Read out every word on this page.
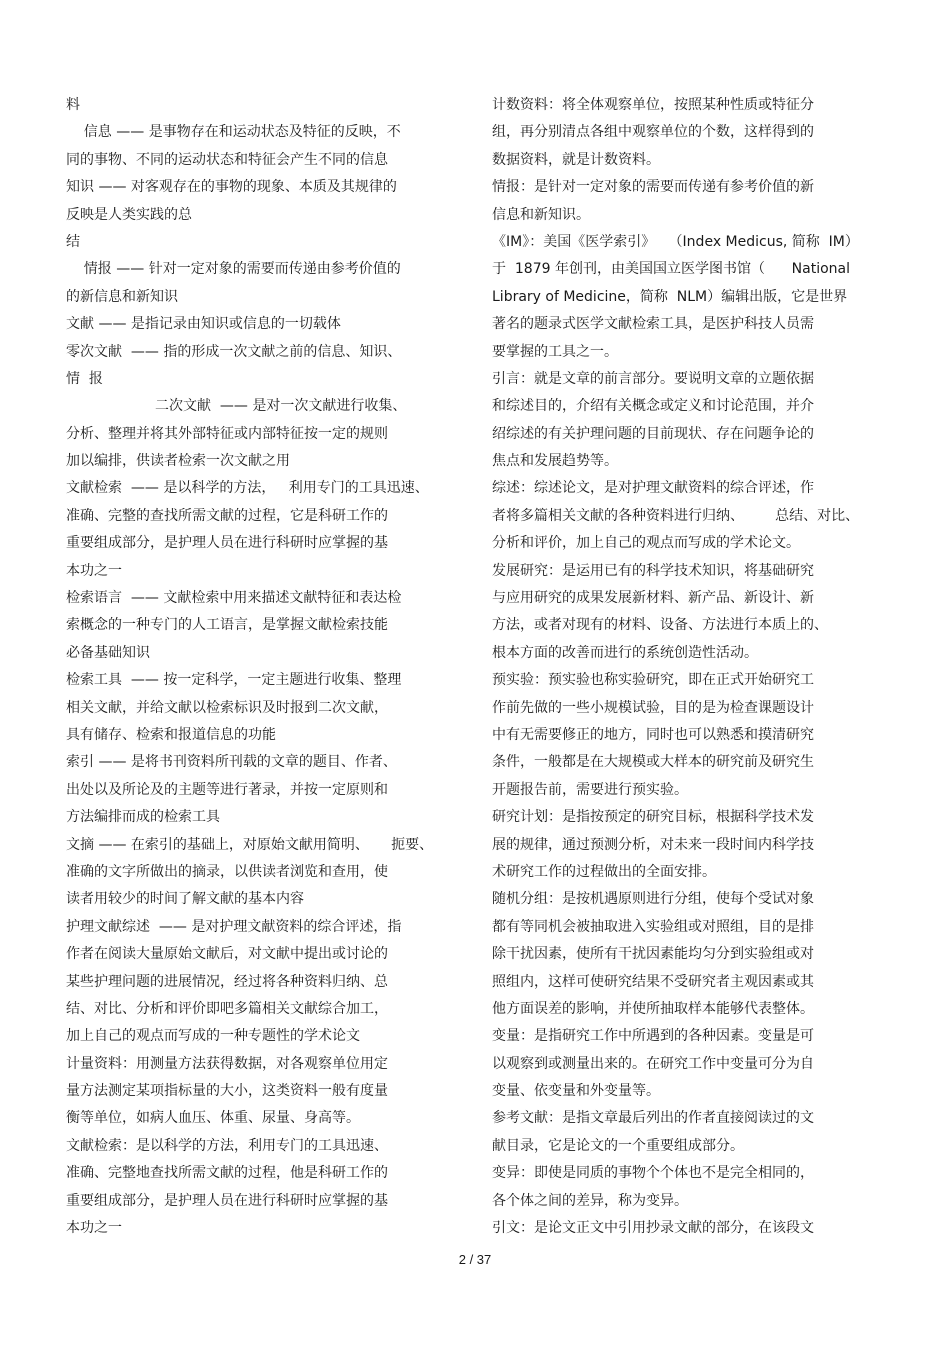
料
信息 —— 是事物存在和运动状态及特征的反映，不
同的事物、不同的运动状态和特征会产生不同的信息
知识 —— 对客观存在的事物的现象、本质及其规律的
反映是人类实践的总
结
情报 —— 针对一定对象的需要而传递由参考价值的
的新信息和新知识
文献 —— 是指记录由知识或信息的一切载体
零次文献  —— 指的形成一次文献之前的信息、知识、
情  报
二次文献  —— 是对一次文献进行收集、
分析、整理并将其外部特征或内部特征按一定的规则
加以编排，供读者检索一次文献之用
文献检索  —— 是以科学的方法，   利用专门的工具迅速、
准确、完整的查找所需文献的过程，它是科研工作的
重要组成部分，是护理人员在进行科研时应掌握的基
本功之一
检索语言  —— 文献检索中用来描述文献特征和表达检
索概念的一种专门的人工语言，是掌握文献检索技能
必备基础知识
检索工具  —— 按一定科学，一定主题进行收集、整理
相关文献，并给文献以检索标识及时报到二次文献，
具有储存、检索和报道信息的功能
索引 —— 是将书刊资料所刊载的文章的题目、作者、
出处以及所论及的主题等进行著录，并按一定原则和
方法编排而成的检索工具
文摘 —— 在索引的基础上，对原始文献用简明、     扼要、
准确的文字所做出的摘录，以供读者浏览和查用，使
读者用较少的时间了解文献的基本内容
护理文献综述  —— 是对护理文献资料的综合评述，指
作者在阅读大量原始文献后，对文献中提出或讨论的
某些护理问题的进展情况，经过将各种资料归纳、总
结、对比、分析和评价即吧多篇相关文献综合加工，
加上自己的观点而写成的一种专题性的学术论文
计量资料：用测量方法获得数据，对各观察单位用定
量方法测定某项指标量的大小，这类资料一般有度量
衡等单位，如病人血压、体重、尿量、身高等。
文献检索：是以科学的方法，利用专门的工具迅速、
准确、完整地查找所需文献的过程，他是科研工作的
重要组成部分，是护理人员在进行科研时应掌握的基
本功之一
计数资料：将全体观察单位，按照某种性质或特征分
组，再分别清点各组中观察单位的个数，这样得到的
数据资料，就是计数资料。
情报：是针对一定对象的需要而传递有参考价值的新
信息和新知识。
《IM》：美国《医学索引》   （Index Medicus, 简称  IM）
于  1879 年创刊，由美国国立医学图书馆（      National
Library of Medicine，简称  NLM）编辑出版，它是世界
著名的题录式医学文献检索工具，是医护科技人员需
要掌握的工具之一。
引言：就是文章的前言部分。要说明文章的立题依据
和综述目的，介绍有关概念或定义和讨论范围，并介
绍综述的有关护理问题的目前现状、存在问题争论的
焦点和发展趋势等。
综述：综述论文，是对护理文献资料的综合评述，作
者将多篇相关文献的各种资料进行归纳、       总结、对比、
分析和评价，加上自己的观点而写成的学术论文。
发展研究：是运用已有的科学技术知识，将基础研究
与应用研究的成果发展新材料、新产品、新设计、新
方法，或者对现有的材料、设备、方法进行本质上的、
根本方面的改善而进行的系统创造性活动。
预实验：预实验也称实验研究，即在正式开始研究工
作前先做的一些小规模试验，目的是为检查课题设计
中有无需要修正的地方，同时也可以熟悉和摸清研究
条件，一般都是在大规模或大样本的研究前及研究生
开题报告前，需要进行预实验。
研究计划：是指按预定的研究目标，根据科学技术发
展的规律，通过预测分析，对未来一段时间内科学技
术研究工作的过程做出的全面安排。
随机分组：是按机遇原则进行分组，使每个受试对象
都有等同机会被抽取进入实验组或对照组，目的是排
除干扰因素，使所有干扰因素能均匀分到实验组或对
照组内，这样可使研究结果不受研究者主观因素或其
他方面误差的影响，并使所抽取样本能够代表整体。
变量：是指研究工作中所遇到的各种因素。变量是可
以观察到或测量出来的。在研究工作中变量可分为自
变量、依变量和外变量等。
参考文献：是指文章最后列出的作者直接阅读过的文
献目录，它是论文的一个重要组成部分。
变异：即使是同质的事物个个体也不是完全相同的，
各个体之间的差异，称为变异。
引文：是论文正文中引用抄录文献的部分，在该段文
2 / 37
